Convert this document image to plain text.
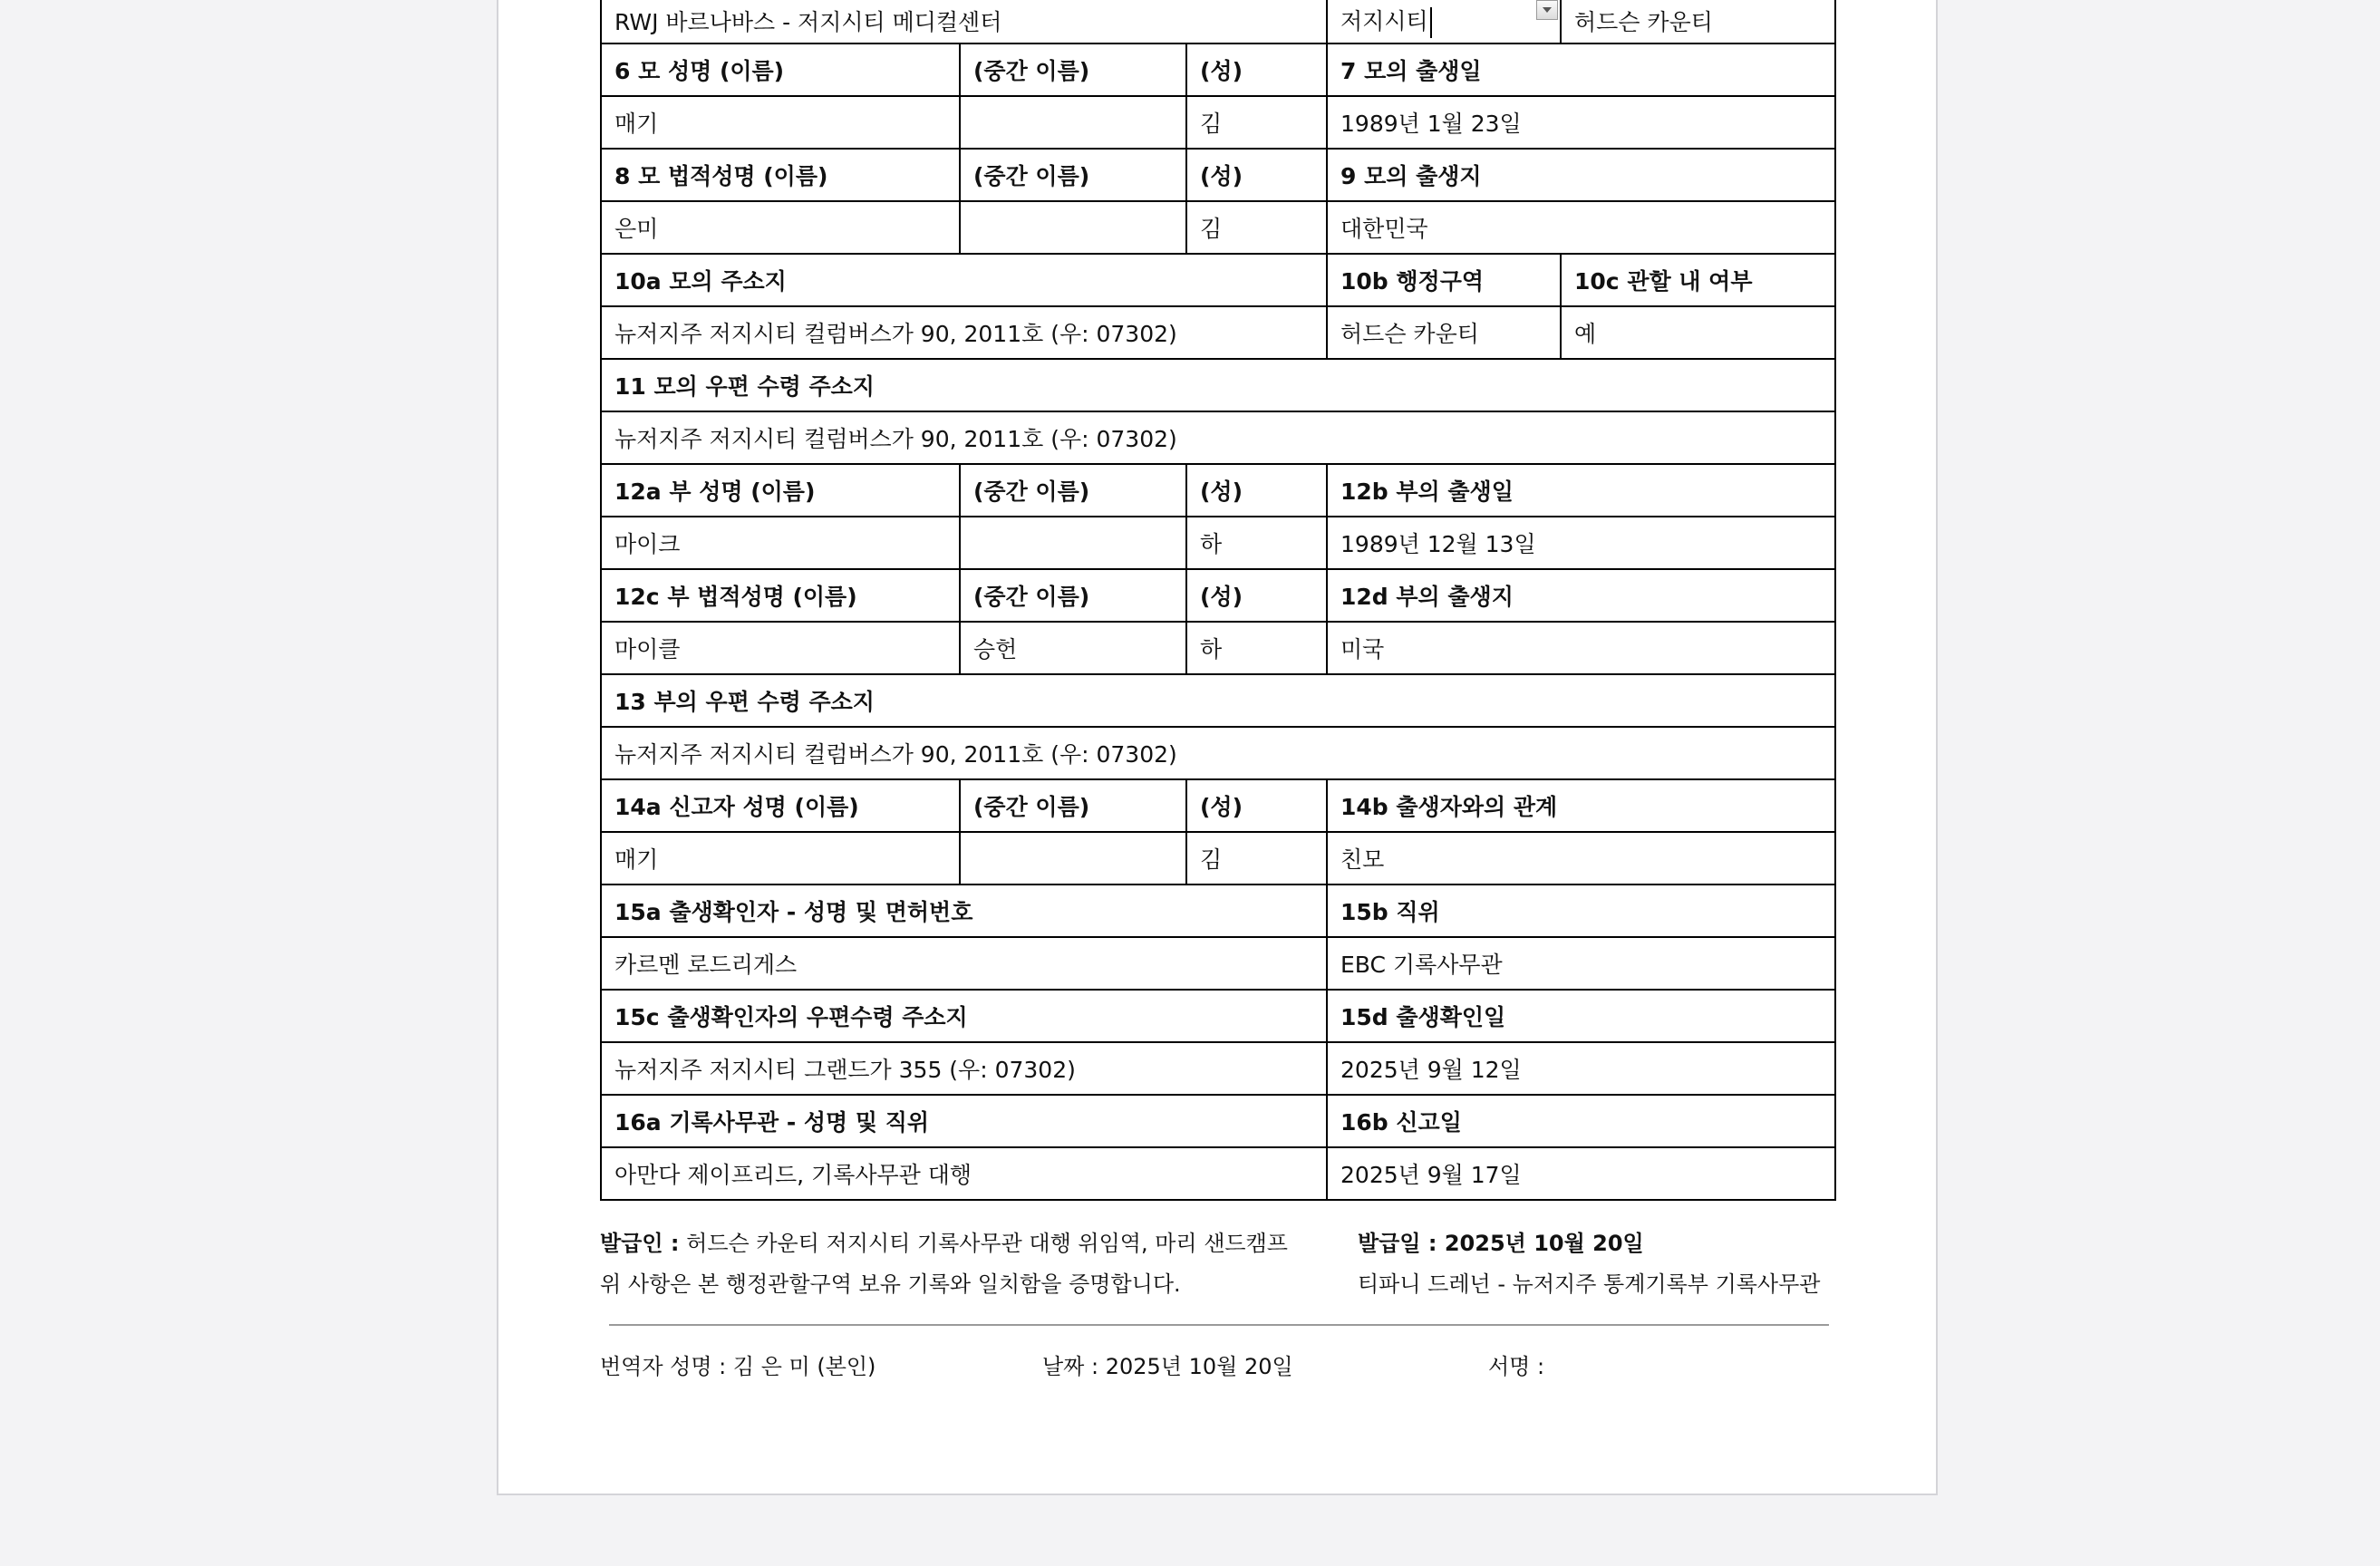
RWJ 바르나바스 - 저지시티 메디컬센터			저지시티	허드슨 카운티
6 모 성명 (이름)	(중간 이름)	(성)	7 모의 출생일	
매기		김	1989년 1월 23일	
8 모 법적성명 (이름)	(중간 이름)	(성)	9 모의 출생지	
은미		김	대한민국	
10a 모의 주소지			10b 행정구역	10c 관할 내 여부
뉴저지주 저지시티 컬럼버스가 90, 2011호 (우: 07302)			허드슨 카운티	예
11 모의 우편 수령 주소지				
뉴저지주 저지시티 컬럼버스가 90, 2011호 (우: 07302)				
12a 부 성명 (이름)	(중간 이름)	(성)	12b 부의 출생일	
마이크		하	1989년 12월 13일	
12c 부 법적성명 (이름)	(중간 이름)	(성)	12d 부의 출생지	
마이클	승헌	하	미국	
13 부의 우편 수령 주소지				
뉴저지주 저지시티 컬럼버스가 90, 2011호 (우: 07302)				
14a 신고자 성명 (이름)	(중간 이름)	(성)	14b 출생자와의 관계	
매기		김	친모	
15a 출생확인자 - 성명 및 면허번호			15b 직위	
카르멘 로드리게스			EBC 기록사무관	
15c 출생확인자의 우편수령 주소지			15d 출생확인일	
뉴저지주 저지시티 그랜드가 355 (우: 07302)			2025년 9월 12일	
16a 기록사무관 - 성명 및 직위			16b 신고일	
아만다 제이프리드, 기록사무관 대행			2025년 9월 17일	
발급인 : 허드슨 카운티 저지시티 기록사무관 대행 위임역, 마리 샌드캠프	발급일 : 2025년 10월 20일
위 사항은 본 행정관할구역 보유 기록와 일치함을 증명합니다.	티파니 드레넌 - 뉴저지주 통계기록부 기록사무관
번역자 성명 : 김 은 미 (본인)	날짜 : 2025년 10월 20일	서명 :
